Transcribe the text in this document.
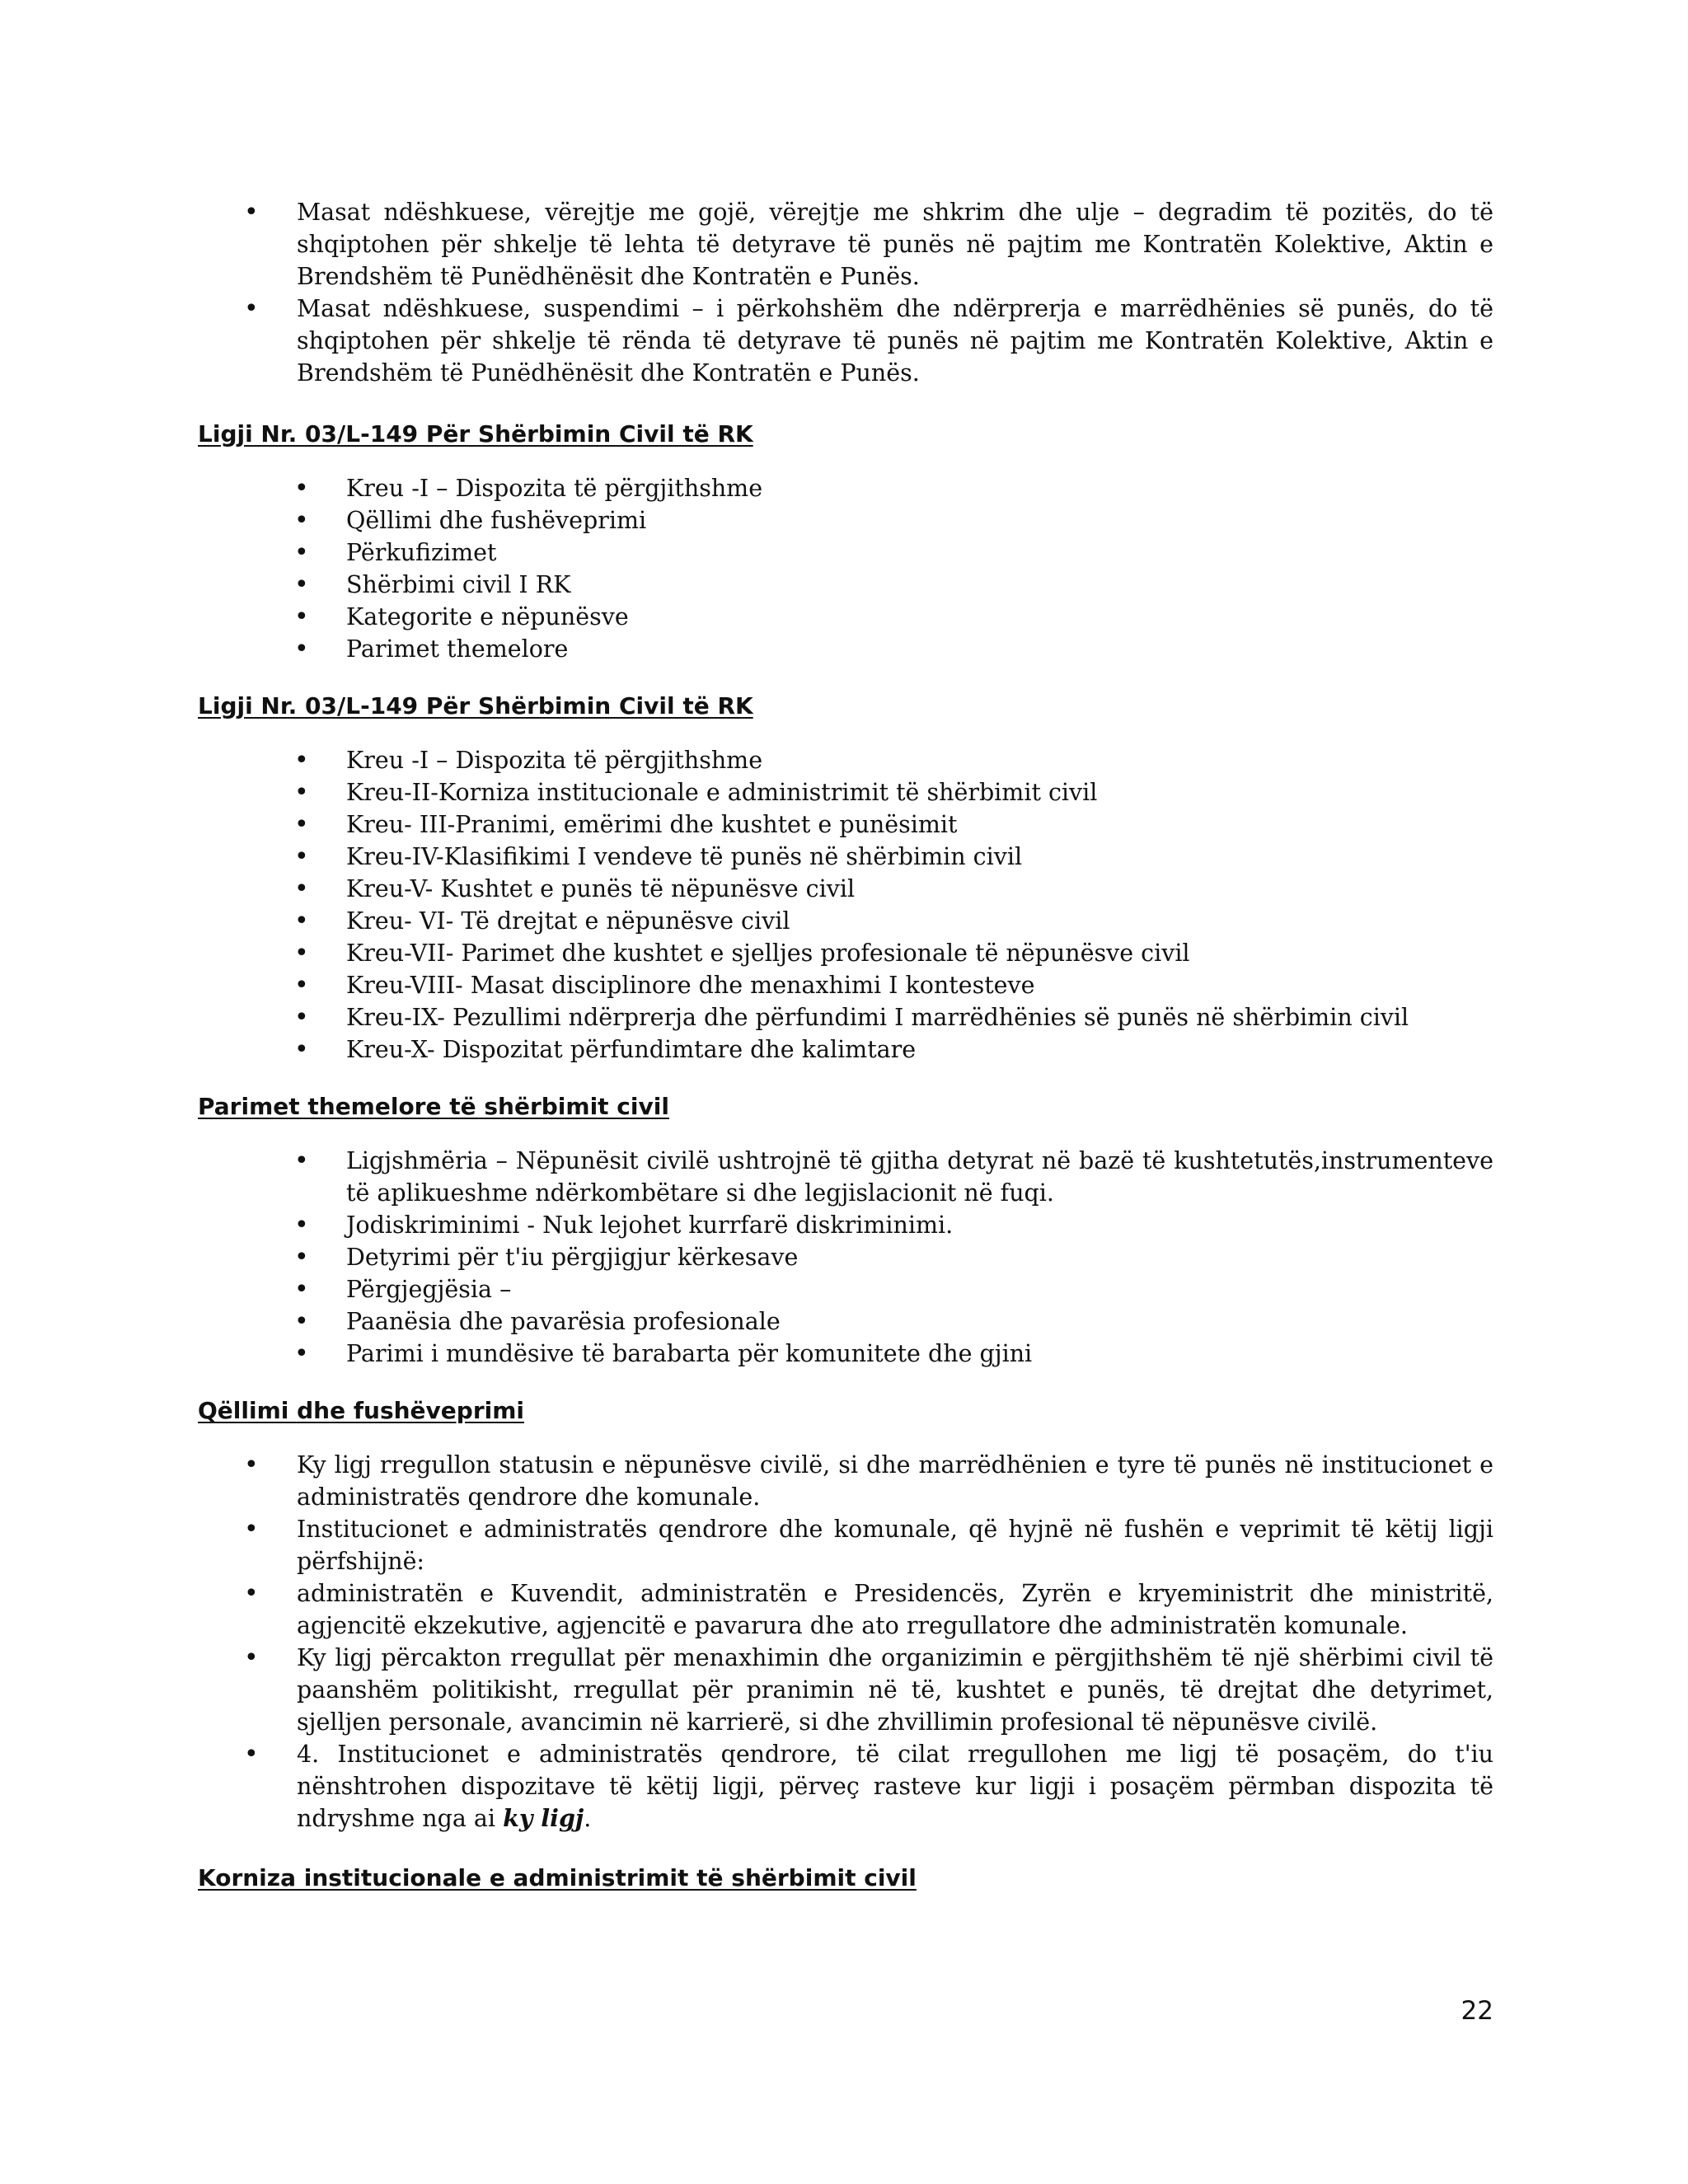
• Masat ndëshkuese, vërejtje me gojë, vërejtje me shkrim dhe ulje – degradim të pozitës, do të shqiptohen për shkelje të lehta të detyrave të punës në pajtim me Kontratën Kolektive, Aktin e Brendshëm të Punëdhënësit dhe Kontratën e Punës.
• Masat ndëshkuese, suspendimi – i përkohshëm dhe ndërprerja e marrëdhënies së punës, do të shqiptohen për shkelje të rënda të detyrave të punës në pajtim me Kontratën Kolektive, Aktin e Brendshëm të Punëdhënësit dhe Kontratën e Punës.
Ligji Nr. 03/L-149 Për Shërbimin Civil të RK
• Kreu -I – Dispozita të përgjithshme
• Qëllimi dhe fushëveprimi
• Përkufizimet
• Shërbimi civil I RK
• Kategorite e nëpunësve
• Parimet themelore
Ligji Nr. 03/L-149 Për Shërbimin Civil të RK
• Kreu -I – Dispozita të përgjithshme
• Kreu-II-Korniza institucionale e administrimit të shërbimit civil
• Kreu- III-Pranimi, emërimi dhe kushtet e punësimit
• Kreu-IV-Klasifikimi I vendeve të punës në shërbimin civil
• Kreu-V- Kushtet e punës të nëpunësve civil
• Kreu- VI- Të drejtat e nëpunësve civil
• Kreu-VII- Parimet dhe kushtet e sjelljes profesionale të nëpunësve civil
• Kreu-VIII- Masat disciplinore dhe menaxhimi I kontesteve
• Kreu-IX- Pezullimi ndërprerja dhe përfundimi I marrëdhënies së punës në shërbimin civil
• Kreu-X- Dispozitat përfundimtare dhe kalimtare
Parimet themelore të shërbimit civil
• Ligjshmëria – Nëpunësit civilë ushtrojnë të gjitha detyrat në bazë të kushtetutës,instrumenteve të aplikueshme ndërkombëtare si dhe legjislacionit në fuqi.
• Jodiskriminimi - Nuk lejohet kurrfarë diskriminimi.
• Detyrimi për t'iu përgjigjur kërkesave
• Përgjegjësia –
• Paanësia dhe pavarësia profesionale
• Parimi i mundësive të barabarta për komunitete dhe gjini
Qëllimi dhe fushëveprimi
• Ky ligj rregullon statusin e nëpunësve civilë, si dhe marrëdhënien e tyre të punës në institucionet e administratës qendrore dhe komunale.
• Institucionet e administratës qendrore dhe komunale, që hyjnë në fushën e veprimit të këtij ligji përfshijnë:
• administratën e Kuvendit, administratën e Presidencës, Zyrën e kryeministrit dhe ministritë, agjencitë ekzekutive, agjencitë e pavarura dhe ato rregullatore dhe administratën komunale.
• Ky ligj përcakton rregullat për menaxhimin dhe organizimin e përgjithshëm të një shërbimi civil të paanshëm politikisht, rregullat për pranimin në të, kushtet e punës, të drejtat dhe detyrimet, sjelljen personale, avancimin në karrierë, si dhe zhvillimin profesional të nëpunësve civilë.
• 4. Institucionet e administratës qendrore, të cilat rregullohen me ligj të posaçëm, do t'iu nënshtrohen dispozitave të këtij ligji, përveç rasteve kur ligji i posaçëm përmban dispozita të ndryshme nga ai ky ligj.
Korniza institucionale e administrimit të shërbimit civil
22
